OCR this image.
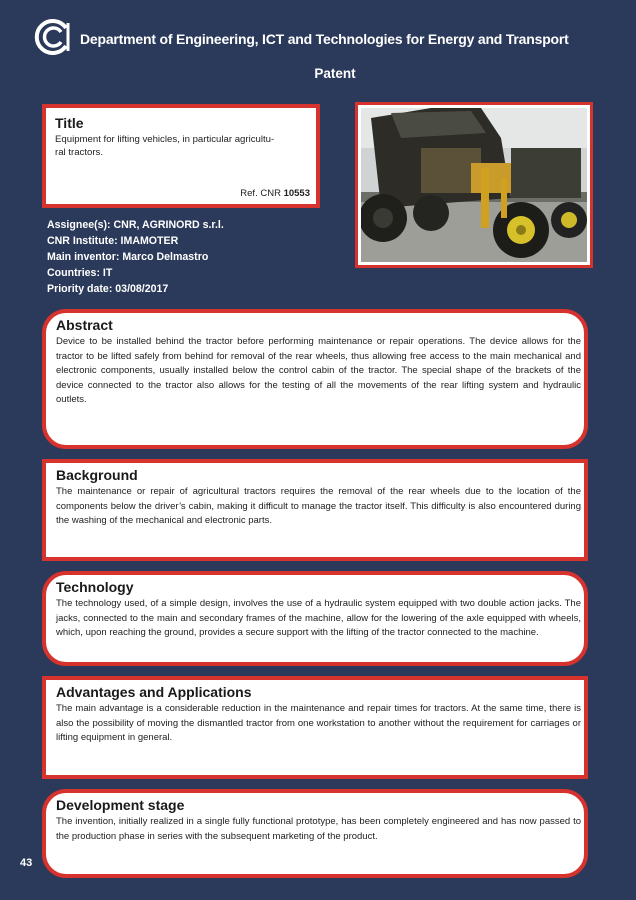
Department of Engineering, ICT and Technologies for Energy and Transport
Patent
Title
Equipment for lifting vehicles, in particular agricultu-
ral tractors.
Ref. CNR 10553
Assignee(s): CNR, AGRINORD s.r.l.
CNR Institute: IMAMOTER
Main inventor: Marco Delmastro
Countries: IT
Priority date: 03/08/2017
Abstract
Device to be installed behind the tractor before performing maintenance or repair operations. The device allows for the tractor to be lifted safely from behind for removal of the rear wheels, thus allowing free access to the main mechanical and electronic components, usually installed below the control cabin of the tractor. The special shape of the brackets of the device connected to the tractor also allows for the testing of all the movements of the rear lifting system and hydraulic outlets.
Background
The maintenance or repair of agricultural tractors requires the removal of the rear wheels due to the location of the components below the driver’s cabin, making it difficult to manage the tractor itself. This difficulty is also encountered during the washing of the mechanical and electronic parts.
Technology
The technology used, of a simple design, involves the use of a hydraulic system equipped with two double action jacks. The jacks, connected to the main and secondary frames of the machine, allow for the lowering of the axle equipped with wheels, which, upon reaching the ground, provides a secure support with the lifting of the tractor connected to the machine.
Advantages and Applications
The main advantage is a considerable reduction in the maintenance and repair times for tractors. At the same time, there is also the possibility of moving the dismantled tractor from one workstation to another without the requirement for carriages or lifting equipment in general.
Development stage
The invention, initially realized in a single fully functional prototype, has been completely engineered and has now passed to the production phase in series with the subsequent marketing of the product.
43
